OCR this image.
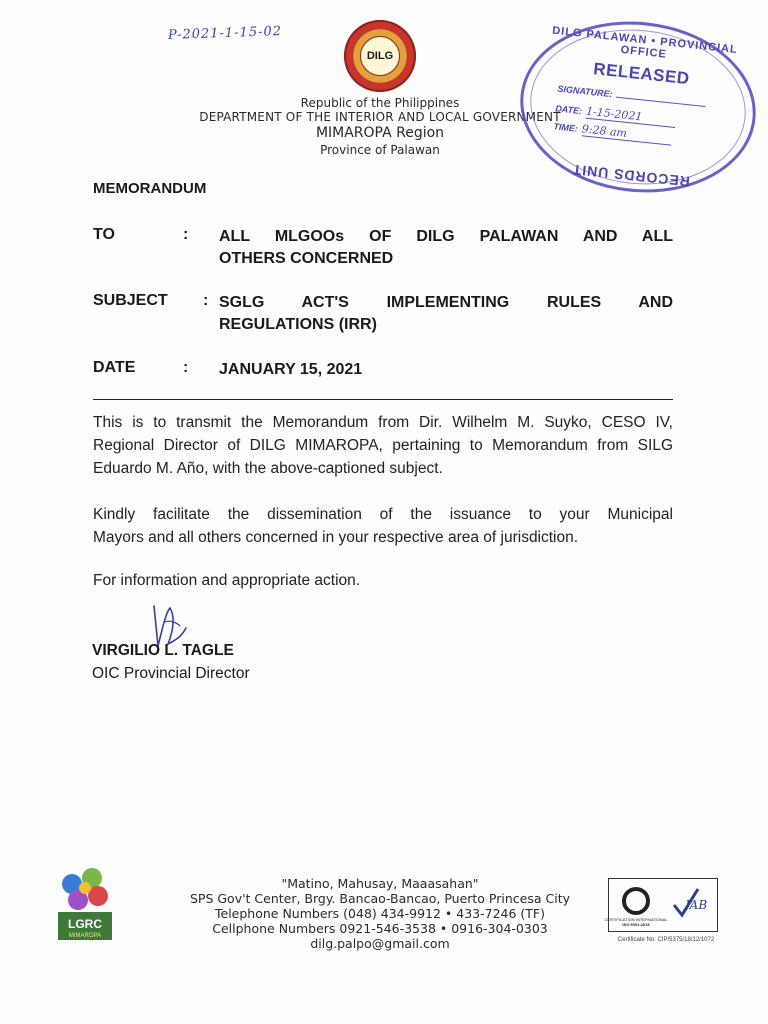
P-2021-1-15-02
DILG
Republic of the Philippines
DEPARTMENT OF THE INTERIOR AND LOCAL GOVERNMENT
MIMAROPA Region
Province of Palawan
DILG PALAWAN • PROVINCIAL OFFICE
RELEASED
SIGNATURE:
DATE: 1-15-2021
TIME: 9:28 am
RECORDS UNIT
MEMORANDUM
TO	:	ALL MLGOOs OF DILG PALAWAN AND ALL
OTHERS CONCERNED
SUBJECT	: SGLG ACT'S IMPLEMENTING RULES AND
REGULATIONS (IRR)
DATE	:	JANUARY 15, 2021
This is to transmit the Memorandum from Dir. Wilhelm M. Suyko, CESO IV,
Regional Director of DILG MIMAROPA, pertaining to Memorandum from SILG
Eduardo M. Año, with the above-captioned subject.
Kindly facilitate the dissemination of the issuance to your Municipal
Mayors and all others concerned in your respective area of jurisdiction.
For information and appropriate action.
VIRGILIO L. TAGLE
OIC Provincial Director
LGRC
MIMAROPA
"Matino, Mahusay, Maaasahan"
SPS Gov't Center, Brgy. Bancao-Bancao, Puerto Princesa City
Telephone Numbers (048) 434-9912 • 433-7246 (TF)
Cellphone Numbers 0921-546-3538 • 0916-304-0303
dilg.palpo@gmail.com
CERTIFICATION INTERNATIONAL
ISO 9001:2015
JAB
Certificate No: CIP/5375/18/12/1072
